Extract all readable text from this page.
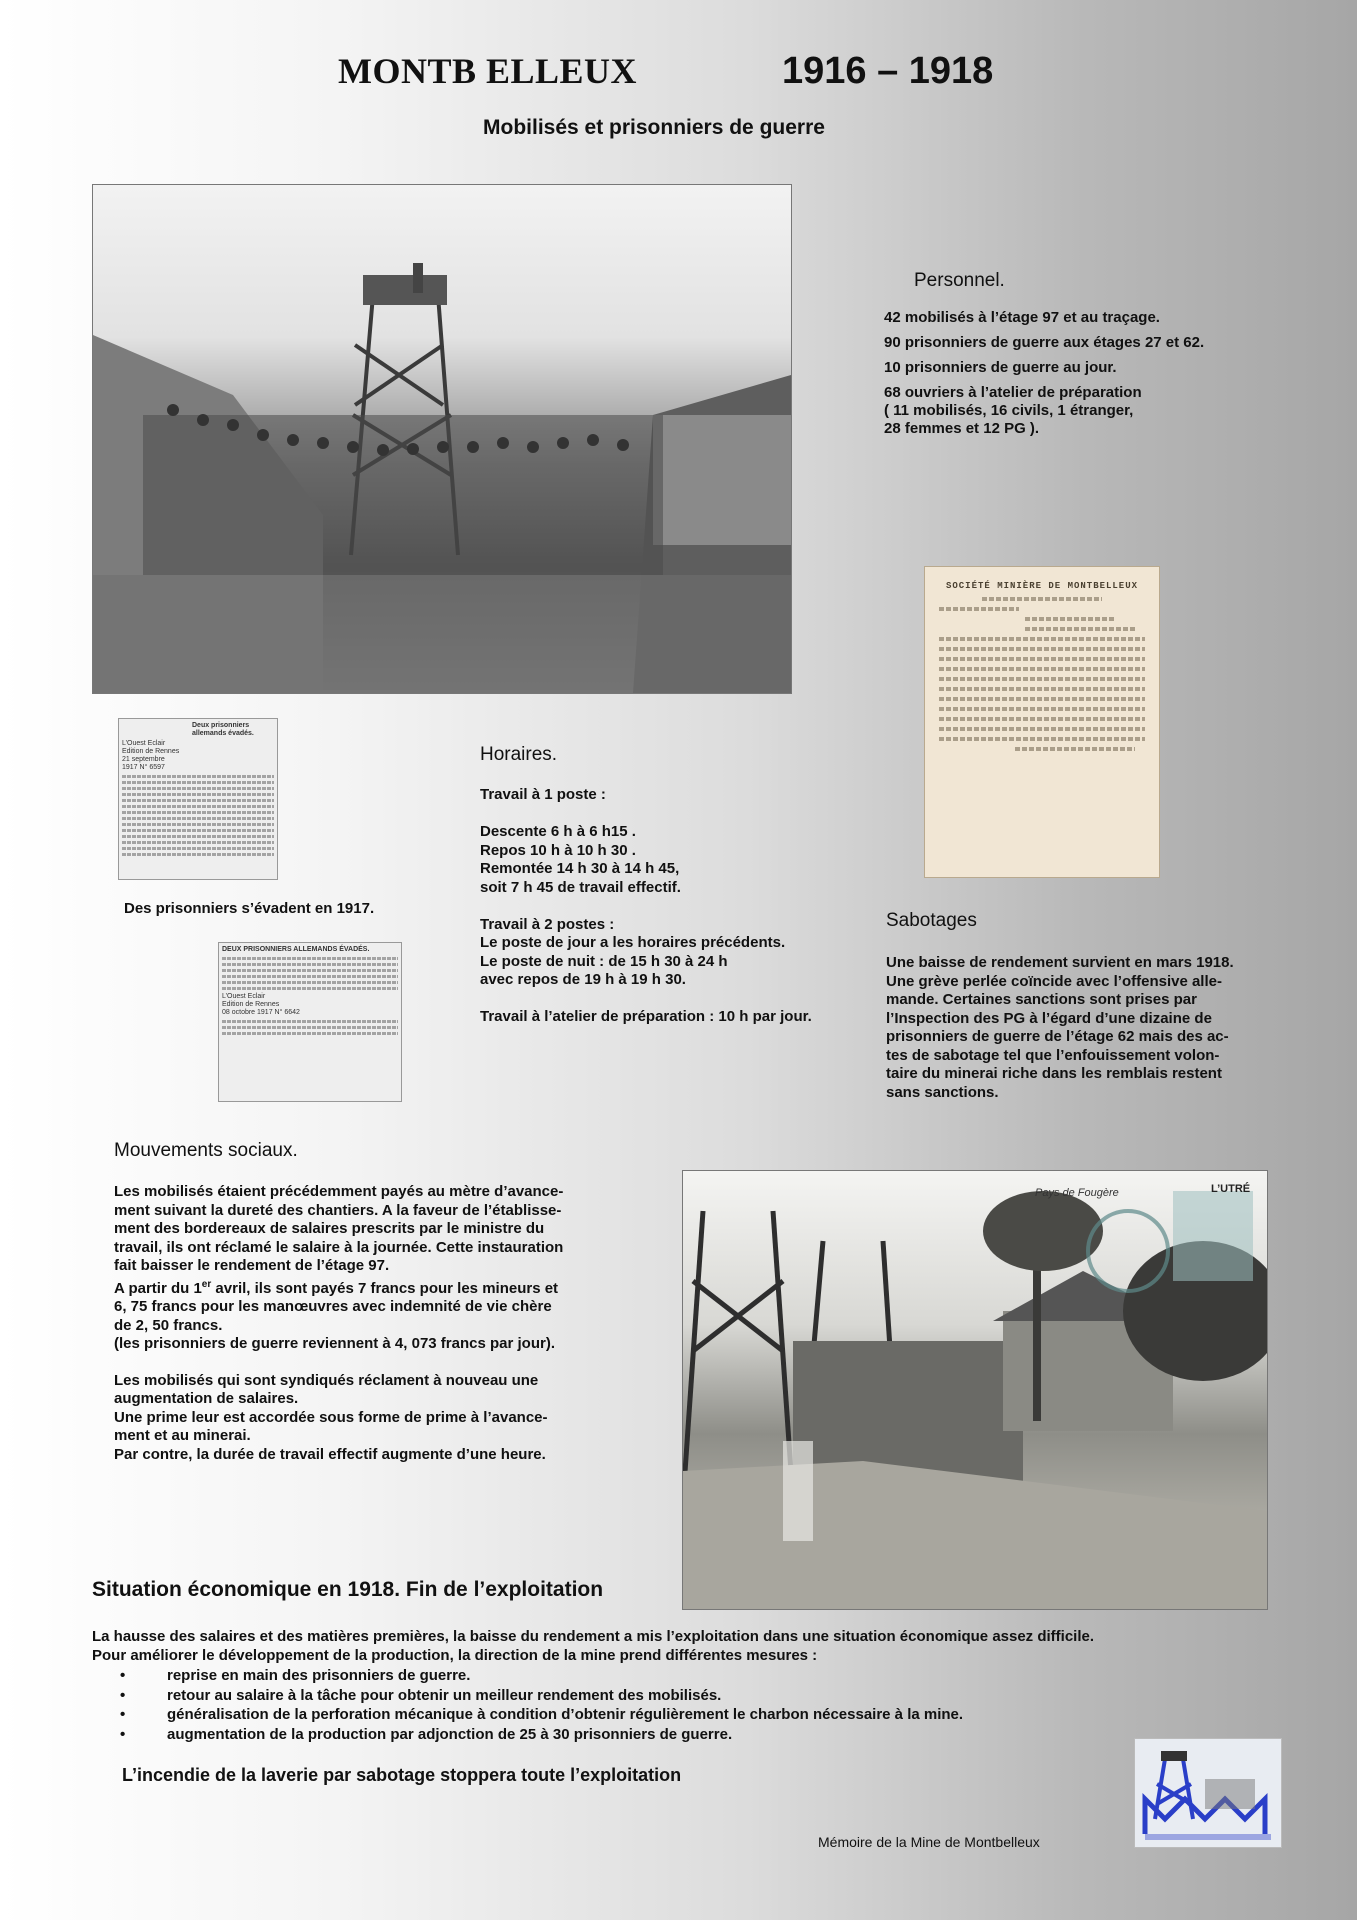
MONTB ELLEUX	1916 – 1918
Mobilisés et prisonniers de guerre
Personnel.

42 mobilisés à l’étage 97 et au traçage.

90 prisonniers de guerre aux étages 27 et 62.

10 prisonniers de guerre au jour.

68 ouvriers à l’atelier de préparation
( 11 mobilisés, 16 civils, 1 étranger,
28 femmes et 12 PG ).

SOCIÉTÉ MINIÈRE DE MONTBELLEUX
Deux prisonniers allemands évadés.
L’Ouest Eclair
Edition de Rennes
21 septembre 1917 N° 6597
Des prisonniers s’évadent en 1917.
DEUX PRISONNIERS ALLEMANDS ÉVADÉS.
L’Ouest Eclair
Edition de Rennes
08 octobre 1917 N° 6642
Horaires.
Travail à 1 poste :

Descente 6 h à 6 h15 .
Repos 10 h à 10 h 30 .
Remontée 14 h 30 à 14 h 45,
soit 7 h 45 de travail effectif.

Travail à 2 postes :
Le poste de jour a les horaires précédents.
Le poste de nuit : de 15 h 30 à 24 h
avec repos de 19 h à 19 h 30.

Travail à l’atelier de préparation : 10 h par jour.
Sabotages
Une baisse de rendement survient en mars 1918.
Une grève perlée coïncide avec l’offensive alle-
mande. Certaines sanctions sont prises par
l’Inspection des PG à l’égard d’une dizaine de
prisonniers de guerre de l’étage 62 mais des ac-
tes de sabotage tel que l’enfouissement volon-
taire du minerai riche dans les remblais restent
sans sanctions.
Mouvements sociaux.
Les mobilisés étaient précédemment payés au mètre d’avance-
ment suivant la dureté des chantiers. A la faveur de l’établisse-
ment des bordereaux de salaires prescrits par le ministre du
travail, ils ont réclamé le salaire à la journée. Cette instauration
fait baisser le rendement de l’étage 97.
A partir du 1er avril, ils sont payés 7 francs pour les mineurs et
6, 75 francs pour les manœuvres avec indemnité de vie chère
de 2, 50 francs.
(les prisonniers de guerre reviennent à 4, 073 francs par jour).
Les mobilisés qui sont syndiqués réclament à nouveau une
augmentation de salaires.
Une prime leur est accordée sous forme de prime à l’avance-
ment et au minerai.
Par contre, la durée de travail effectif augmente d’une heure.
Pays de Fougère	L’UTRÉ
Situation économique en 1918. Fin de l’exploitation
La hausse des salaires et des matières premières, la baisse du rendement a mis l’exploitation dans une situation économique assez difficile.
Pour améliorer le développement de la production, la direction de la mine prend différentes mesures :
•	reprise en main des prisonniers de guerre.
•	retour au salaire à la tâche pour obtenir un meilleur rendement des mobilisés.
•	généralisation de la perforation mécanique à condition d’obtenir régulièrement le charbon nécessaire à la mine.
•	augmentation de la production par adjonction de 25 à 30 prisonniers de guerre.
L’incendie de la laverie par sabotage stoppera toute l’exploitation
Mémoire de la Mine de Montbelleux
